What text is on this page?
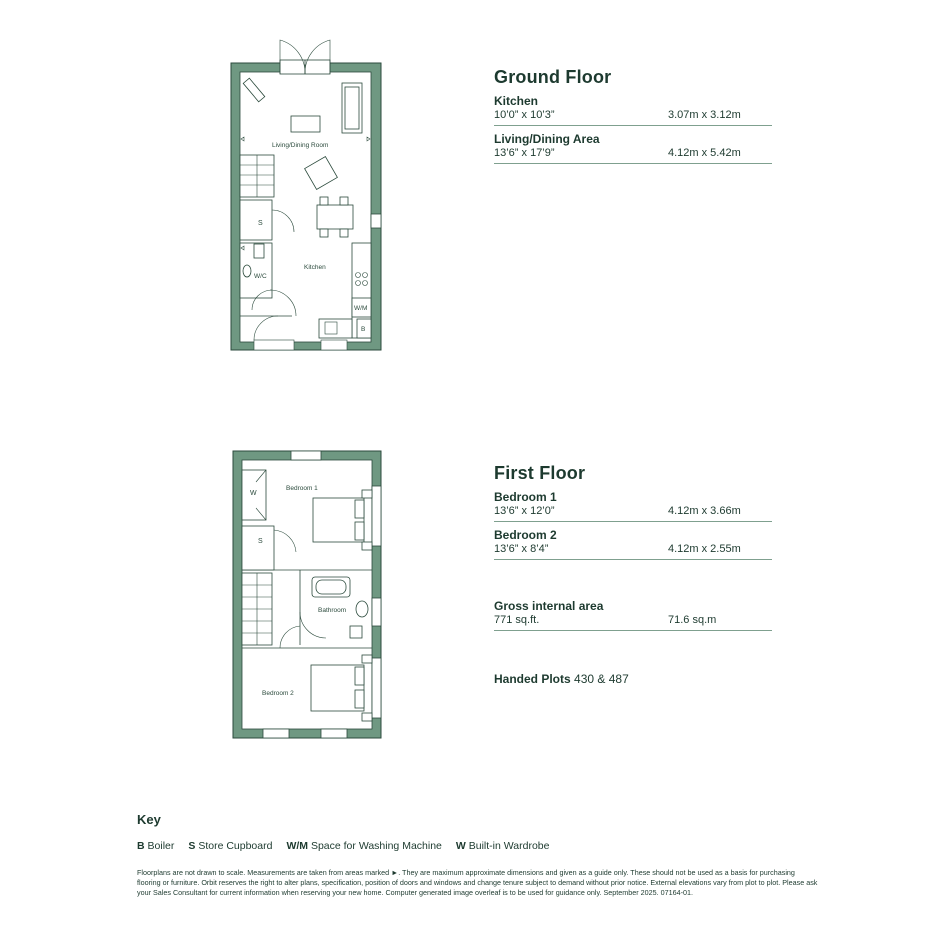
Living/Dining Room
S
W/C
Kitchen
W/M
B
Bedroom 1
W
S
Bathroom
Bedroom 2
Ground Floor
Kitchen
10’0” x 10’3”	3.07m x 3.12m
Living/Dining Area
13’6” x 17’9”	4.12m x 5.42m
First Floor
Bedroom 1
13’6” x 12’0”	4.12m x 3.66m
Bedroom 2
13’6” x 8’4”	4.12m x 2.55m
Gross internal area
771 sq.ft.	71.6 sq.m
Handed Plots 430 & 487
Key
B Boiler S Store Cupboard W/M Space for Washing Machine W Built-in Wardrobe
Floorplans are not drawn to scale. Measurements are taken from areas marked ►. They are maximum approximate dimensions and given as a guide only. These should not be used as a basis for purchasing flooring or furniture. Orbit reserves the right to alter plans, specification, position of doors and windows and change tenure subject to demand without prior notice. External elevations vary from plot to plot. Please ask your Sales Consultant for current information when reserving your new home. Computer generated image overleaf is to be used for guidance only. September 2025. 07164-01.
